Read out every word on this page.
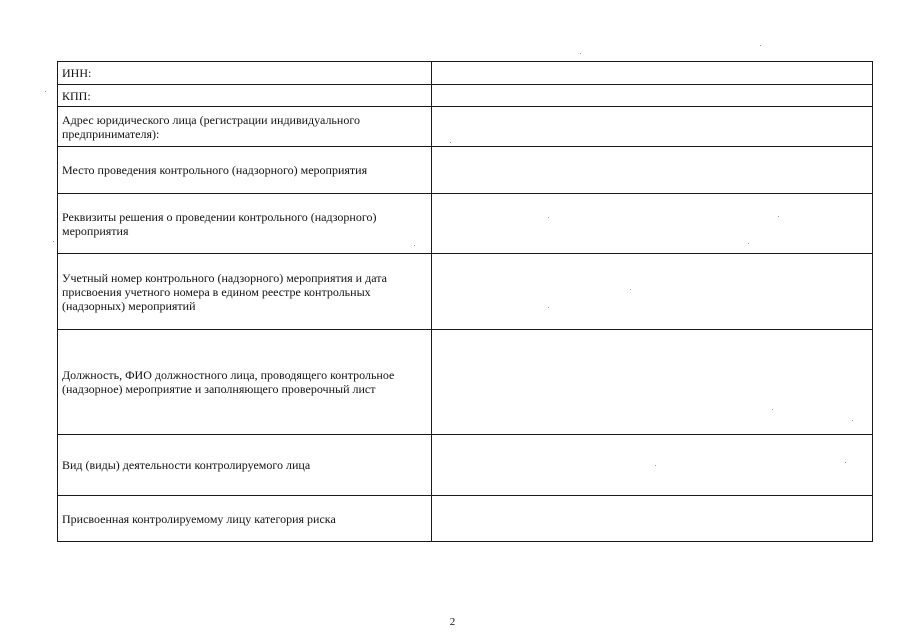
ИНН:	
КПП:	
Адрес юридического лица (регистрации индивидуального предпринимателя):	
Место проведения контрольного (надзорного) мероприятия	
Реквизиты решения о проведении контрольного (надзорного) мероприятия	
Учетный номер контрольного (надзорного) мероприятия и дата присвоения учетного номера в едином реестре контрольных (надзорных) мероприятий	
Должность, ФИО должностного лица, проводящего контрольное (надзорное) мероприятие и заполняющего проверочный лист	
Вид (виды) деятельности контролируемого лица	
Присвоенная контролируемому лицу категория риска	
2
